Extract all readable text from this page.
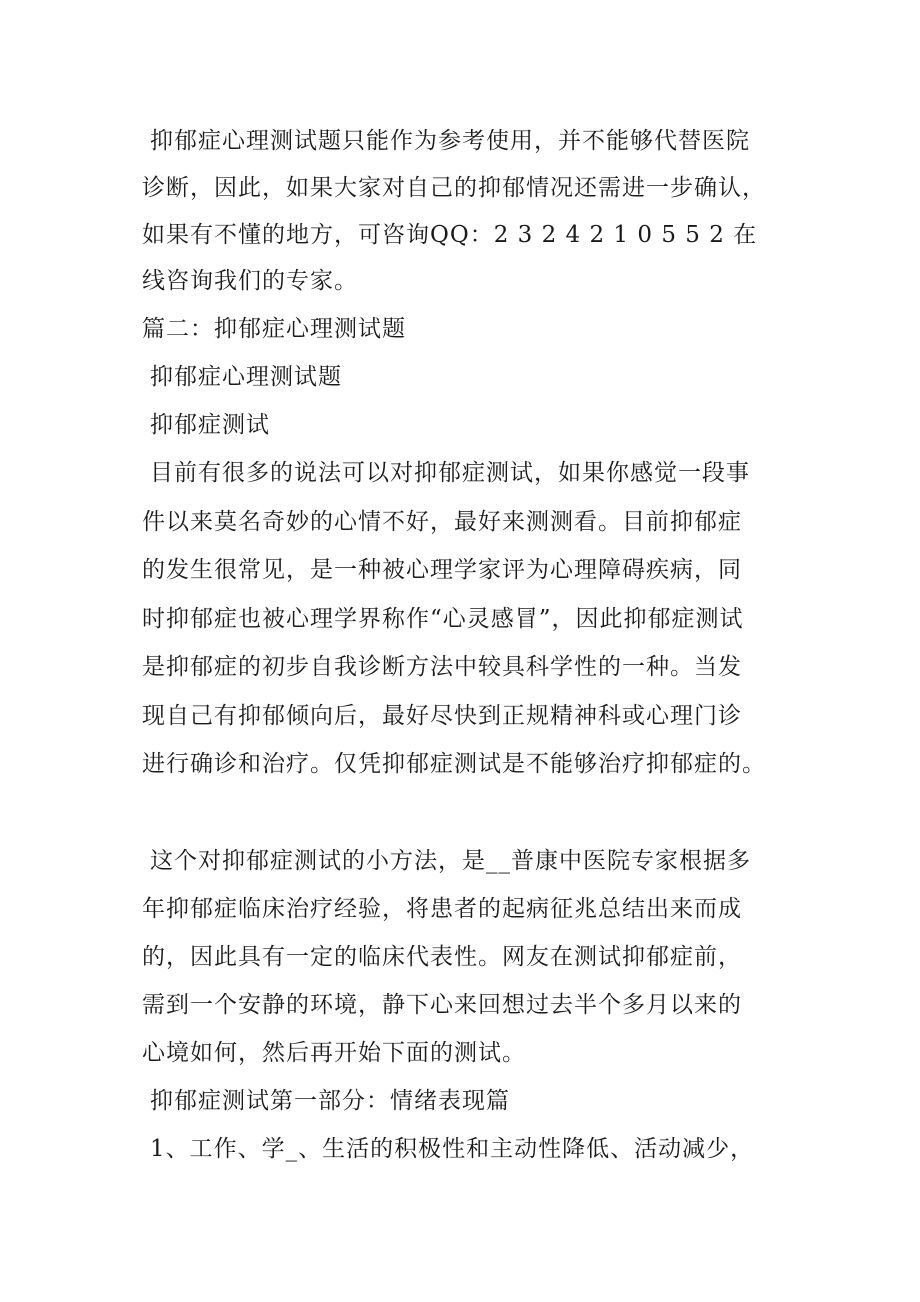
抑郁症心理测试题只能作为参考使用，并不能够代替医院
诊断，因此，如果大家对自己的抑郁情况还需进一步确认，
如果有不懂的地方，可咨询QQ：2 3 2 4 2 1 0 5 5 2 在
线咨询我们的专家。
篇二：抑郁症心理测试题
抑郁症心理测试题
抑郁症测试
目前有很多的说法可以对抑郁症测试，如果你感觉一段事
件以来莫名奇妙的心情不好，最好来测测看。目前抑郁症
的发生很常见，是一种被心理学家评为心理障碍疾病，同
时抑郁症也被心理学界称作“心灵感冒”，因此抑郁症测试
是抑郁症的初步自我诊断方法中较具科学性的一种。当发
现自己有抑郁倾向后，最好尽快到正规精神科或心理门诊
进行确诊和治疗。仅凭抑郁症测试是不能够治疗抑郁症的。
这个对抑郁症测试的小方法，是__普康中医院专家根据多
年抑郁症临床治疗经验，将患者的起病征兆总结出来而成
的，因此具有一定的临床代表性。网友在测试抑郁症前，
需到一个安静的环境，静下心来回想过去半个多月以来的
心境如何，然后再开始下面的测试。
抑郁症测试第一部分：情绪表现篇
1、工作、学_、生活的积极性和主动性降低、活动减少，
